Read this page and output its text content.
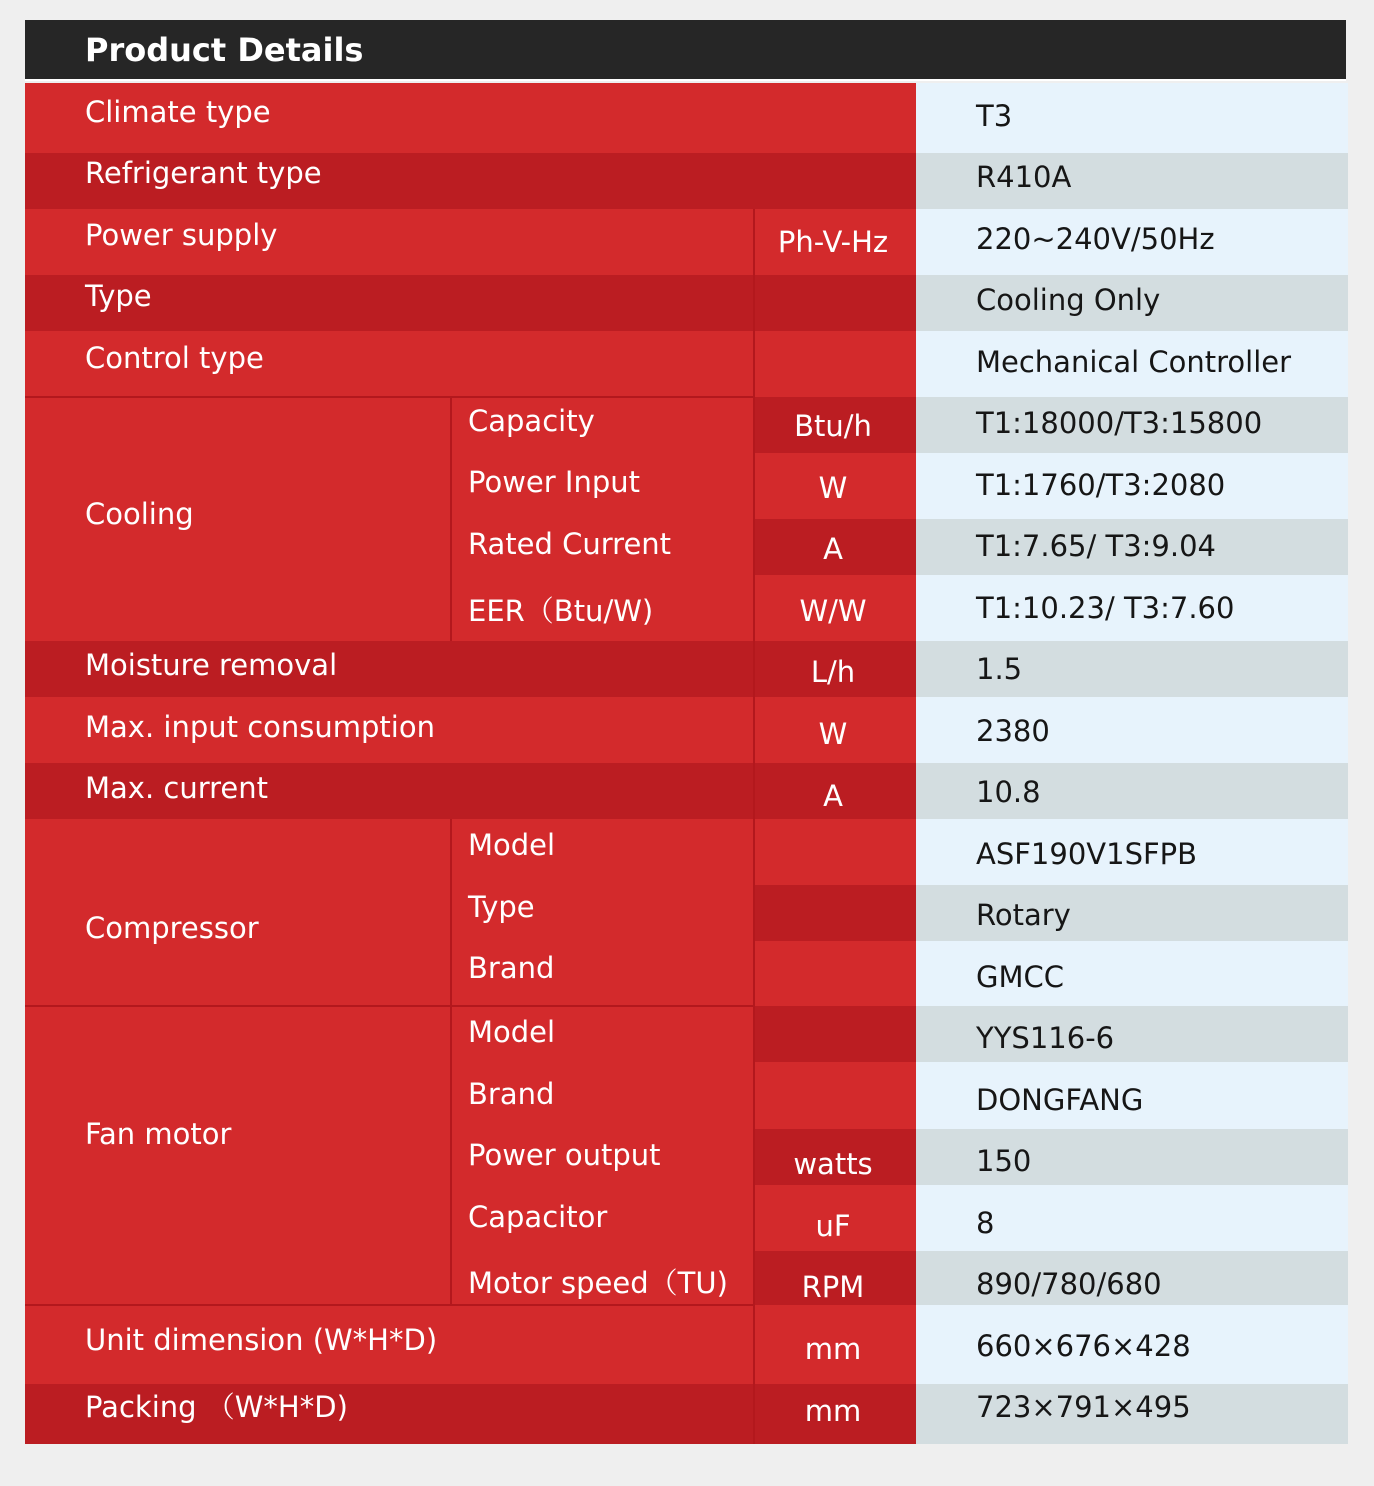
Product Details
Climate type
Refrigerant type
Power supply
Type
Control type
Cooling
Capacity
Power Input
Rated Current
EER（Btu/W)
Moisture removal
Max. input consumption
Max. current
Compressor
Model
Type
Brand
Fan motor
Model
Brand
Power output
Capacitor
Motor speed（TU)
Unit dimension (W*H*D)
Packing （W*H*D)
Ph-V-Hz
Btu/h
W
A
W/W
L/h
W
A
watts
uF
RPM
mm
mm
T3
R410A
220~240V/50Hz
Cooling Only
Mechanical Controller
T1:18000/T3:15800
T1:1760/T3:2080
T1:7.65/ T3:9.04
T1:10.23/ T3:7.60
1.5
2380
10.8
ASF190V1SFPB
Rotary
GMCC
YYS116-6
DONGFANG
150
8
890/780/680
660×676×428
723×791×495
